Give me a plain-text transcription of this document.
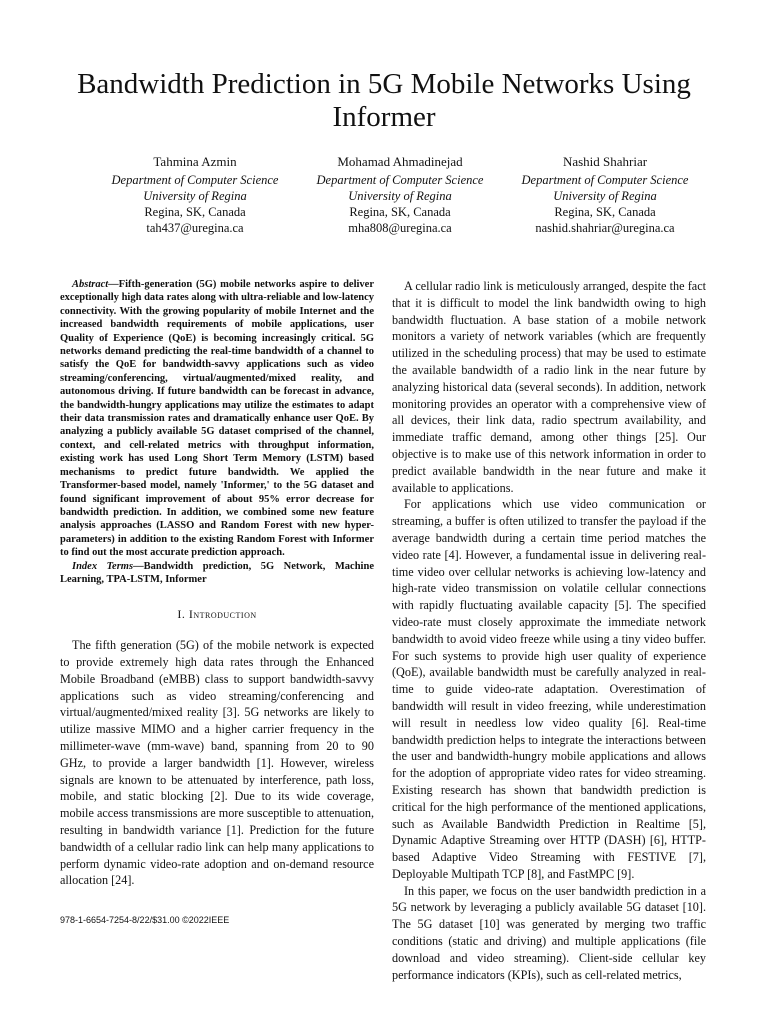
Bandwidth Prediction in 5G Mobile Networks Using Informer
Tahmina Azmin
Department of Computer Science
University of Regina
Regina, SK, Canada
tah437@uregina.ca
Mohamad Ahmadinejad
Department of Computer Science
University of Regina
Regina, SK, Canada
mha808@uregina.ca
Nashid Shahriar
Department of Computer Science
University of Regina
Regina, SK, Canada
nashid.shahriar@uregina.ca

Abstract—Fifth-generation (5G) mobile networks aspire to deliver exceptionally high data rates along with ultra-reliable and low-latency connectivity. With the growing popularity of mobile Internet and the increased bandwidth requirements of mobile applications, user Quality of Experience (QoE) is becoming increasingly critical. 5G networks demand predicting the real-time bandwidth of a channel to satisfy the QoE for bandwidth-savvy applications such as video streaming/conferencing, virtual/augmented/mixed reality, and autonomous driving. If future bandwidth can be forecast in advance, the bandwidth-hungry applications may utilize the estimates to adapt their data transmission rates and dramatically enhance user QoE. By analyzing a publicly available 5G dataset comprised of the channel, context, and cell-related metrics with throughput information, existing work has used Long Short Term Memory (LSTM) based mechanisms to predict future bandwidth. We applied the Transformer-based model, namely 'Informer,' to the 5G dataset and found significant improvement of about 95% error decrease for bandwidth prediction. In addition, we combined some new feature analysis approaches (LASSO and Random Forest with new hyper-parameters) in addition to the existing Random Forest with Informer to find out the most accurate prediction approach.

Index Terms—Bandwidth prediction, 5G Network, Machine Learning, TPA-LSTM, Informer

I. Introduction

The fifth generation (5G) of the mobile network is expected to provide extremely high data rates through the Enhanced Mobile Broadband (eMBB) class to support bandwidth-savvy applications such as video streaming/conferencing and virtual/augmented/mixed reality [3]. 5G networks are likely to utilize massive MIMO and a higher carrier frequency in the millimeter-wave (mm-wave) band, spanning from 20 to 90 GHz, to provide a larger bandwidth [1]. However, wireless signals are known to be attenuated by interference, path loss, mobile, and static blocking [2]. Due to its wide coverage, mobile access transmissions are more susceptible to attenuation, resulting in bandwidth variance [1]. Prediction for the future bandwidth of a cellular radio link can help many applications to perform dynamic video-rate adoption and on-demand resource allocation [24].

A cellular radio link is meticulously arranged, despite the fact that it is difficult to model the link bandwidth owing to high bandwidth fluctuation. A base station of a mobile network monitors a variety of network variables (which are frequently utilized in the scheduling process) that may be used to estimate the available bandwidth of a radio link in the near future by analyzing historical data (several seconds). In addition, network monitoring provides an operator with a comprehensive view of all devices, their link data, radio spectrum availability, and immediate traffic demand, among other things [25]. Our objective is to make use of this network information in order to predict available bandwidth in the near future and make it available to applications.

For applications which use video communication or streaming, a buffer is often utilized to transfer the payload if the average bandwidth during a certain time period matches the video rate [4]. However, a fundamental issue in delivering real-time video over cellular networks is achieving low-latency and high-rate video transmission on volatile cellular connections with rapidly fluctuating available capacity [5]. The specified video-rate must closely approximate the immediate network bandwidth to avoid video freeze while using a tiny video buffer. For such systems to provide high user quality of experience (QoE), available bandwidth must be carefully analyzed in real-time to guide video-rate adaptation. Overestimation of bandwidth will result in video freezing, while underestimation will result in needless low video quality [6]. Real-time bandwidth prediction helps to integrate the interactions between the user and bandwidth-hungry mobile applications and allows for the adoption of appropriate video rates for video streaming. Existing research has shown that bandwidth prediction is critical for the high performance of the mentioned applications, such as Available Bandwidth Prediction in Realtime [5], Dynamic Adaptive Streaming over HTTP (DASH) [6], HTTP-based Adaptive Video Streaming with FESTIVE [7], Deployable Multipath TCP [8], and FastMPC [9].

In this paper, we focus on the user bandwidth prediction in a 5G network by leveraging a publicly available 5G dataset [10]. The 5G dataset [10] was generated by merging two traffic conditions (static and driving) and multiple applications (file download and video streaming). Client-side cellular key performance indicators (KPIs), such as cell-related metrics,

978-1-6654-7254-8/22/$31.00 ©2022IEEE
